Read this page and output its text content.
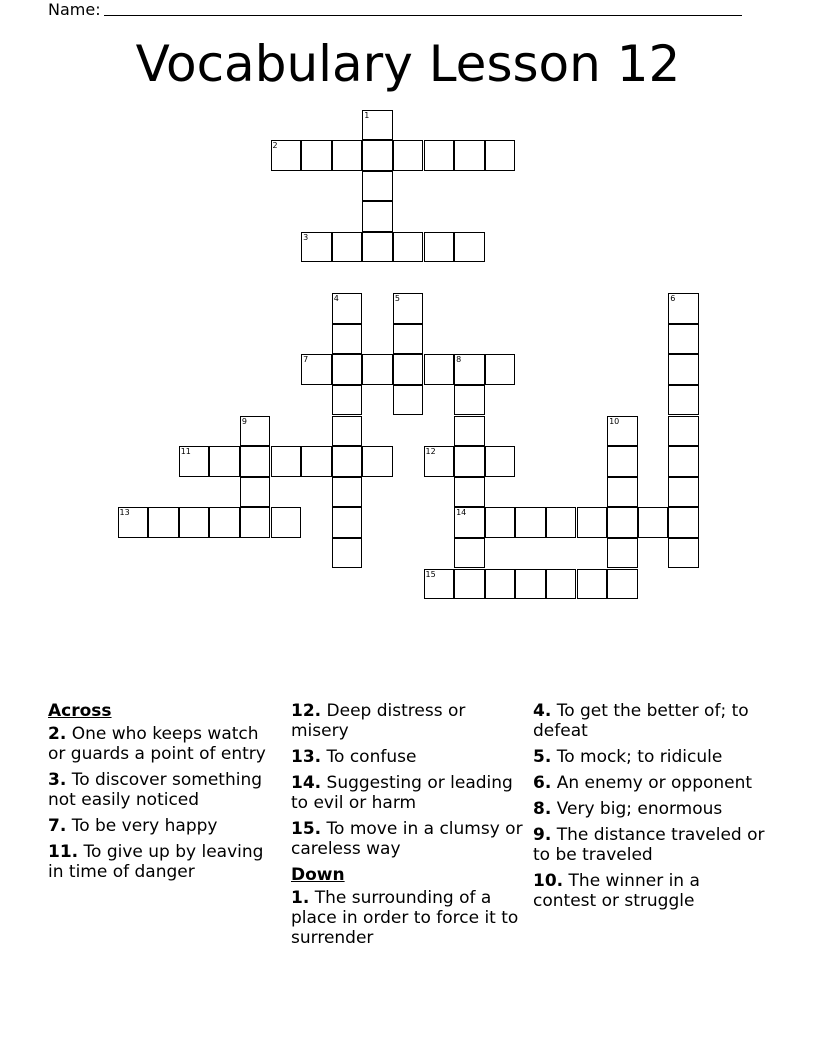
Name:
Vocabulary Lesson 12
1
2
3
4	5	6
7	8
9	10
11	12
13	14
15
Across
2. One who keeps watch or guards a point of entry
3. To discover something not easily noticed
7. To be very happy
11. To give up by leaving in time of danger
12. Deep distress or misery
13. To confuse
14. Suggesting or leading to evil or harm
15. To move in a clumsy or careless way
Down
1. The surrounding of a place in order to force it to surrender
4. To get the better of; to defeat
5. To mock; to ridicule
6. An enemy or opponent
8. Very big; enormous
9. The distance traveled or to be traveled
10. The winner in a contest or struggle
